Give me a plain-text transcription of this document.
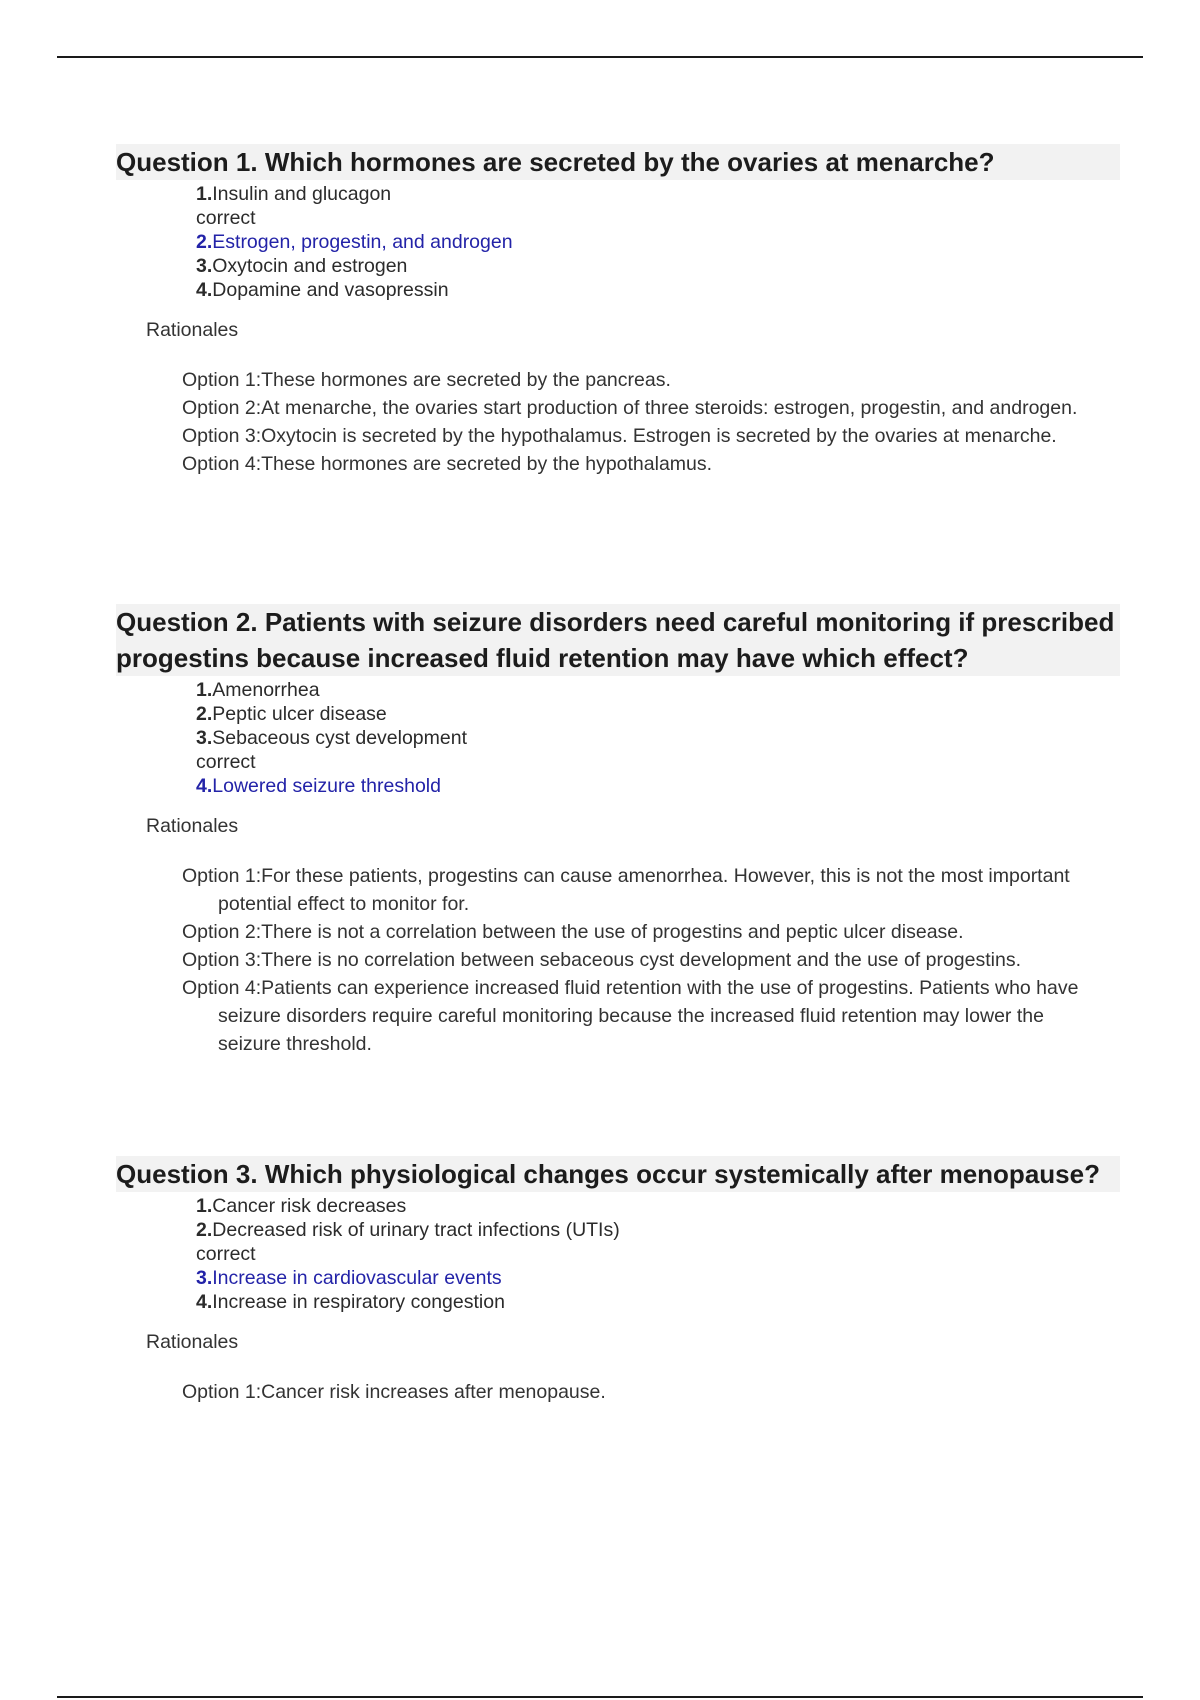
Question 1. Which hormones are secreted by the ovaries at menarche?
1.Insulin and glucagon
correct
2.Estrogen, progestin, and androgen
3.Oxytocin and estrogen
4.Dopamine and vasopressin
Rationales
Option 1:These hormones are secreted by the pancreas.
Option 2:At menarche, the ovaries start production of three steroids: estrogen, progestin, and androgen.
Option 3:Oxytocin is secreted by the hypothalamus. Estrogen is secreted by the ovaries at menarche.
Option 4:These hormones are secreted by the hypothalamus.
Question 2. Patients with seizure disorders need careful monitoring if prescribed progestins because increased fluid retention may have which effect?
1.Amenorrhea
2.Peptic ulcer disease
3.Sebaceous cyst development
correct
4.Lowered seizure threshold
Rationales
Option 1:For these patients, progestins can cause amenorrhea. However, this is not the most important potential effect to monitor for.
Option 2:There is not a correlation between the use of progestins and peptic ulcer disease.
Option 3:There is no correlation between sebaceous cyst development and the use of progestins.
Option 4:Patients can experience increased fluid retention with the use of progestins. Patients who have seizure disorders require careful monitoring because the increased fluid retention may lower the seizure threshold.
Question 3. Which physiological changes occur systemically after menopause?
1.Cancer risk decreases
2.Decreased risk of urinary tract infections (UTIs)
correct
3.Increase in cardiovascular events
4.Increase in respiratory congestion
Rationales
Option 1:Cancer risk increases after menopause.
